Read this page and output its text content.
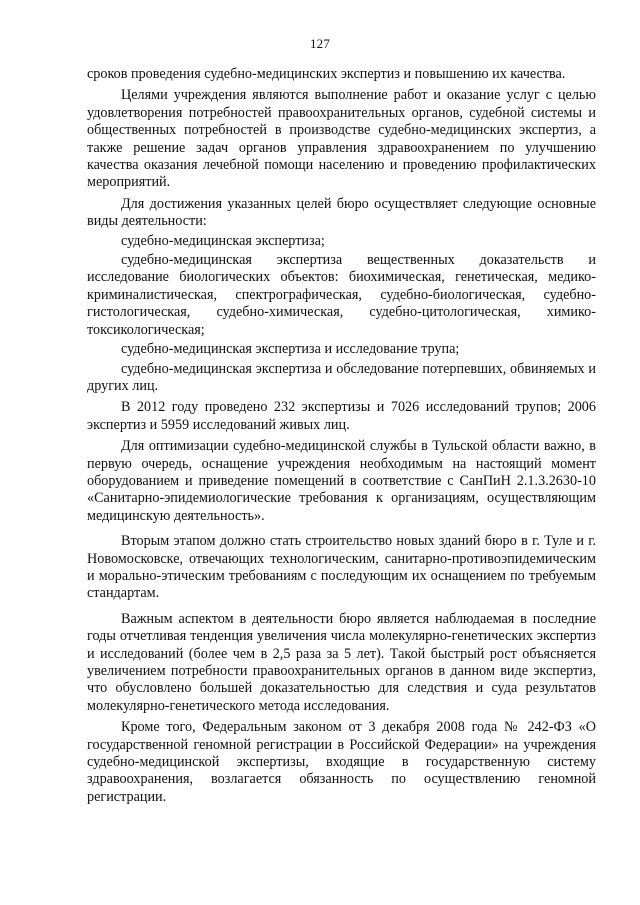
127

сроков проведения судебно-медицинских экспертиз и повышению их качества.

Целями учреждения являются выполнение работ и оказание услуг с целью удовлетворения потребностей правоохранительных органов, судебной системы и общественных потребностей в производстве судебно-медицинских экспертиз, а также решение задач органов управления здравоохранением по улучшению качества оказания лечебной помощи населению и проведению профилактических мероприятий.

Для достижения указанных целей бюро осуществляет следующие основные виды деятельности:

судебно-медицинская экспертиза;

судебно-медицинская экспертиза вещественных доказательств и исследование биологических объектов: биохимическая, генетическая, медико-криминалистическая, спектрографическая, судебно-биологическая, судебно-гистологическая, судебно-химическая, судебно-цитологическая, химико-токсикологическая;

судебно-медицинская экспертиза и исследование трупа;

судебно-медицинская экспертиза и обследование потерпевших, обвиняемых и других лиц.

В 2012 году проведено 232 экспертизы и 7026 исследований трупов; 2006 экспертиз и 5959 исследований живых лиц.

Для оптимизации судебно-медицинской службы в Тульской области важно, в первую очередь, оснащение учреждения необходимым на настоящий момент оборудованием и приведение помещений в соответствие с СанПиН 2.1.3.2630-10 «Санитарно-эпидемиологические требования к организациям, осуществляющим медицинскую деятельность».

Вторым этапом должно стать строительство новых зданий бюро в г. Туле и г. Новомосковске, отвечающих технологическим, санитарно-противоэпидемическим и морально-этическим требованиям с последующим их оснащением по требуемым стандартам.

Важным аспектом в деятельности бюро является наблюдаемая в последние годы отчетливая тенденция увеличения числа молекулярно-генетических экспертиз и исследований (более чем в 2,5 раза за 5 лет). Такой быстрый рост объясняется увеличением потребности правоохранительных органов в данном виде экспертиз, что обусловлено большей доказательностью для следствия и суда результатов молекулярно-генетического метода исследования.

Кроме того, Федеральным законом от 3 декабря 2008 года № 242-ФЗ «О государственной геномной регистрации в Российской Федерации» на учреждения судебно-медицинской экспертизы, входящие в государственную систему здравоохранения, возлагается обязанность по осуществлению геномной регистрации.
